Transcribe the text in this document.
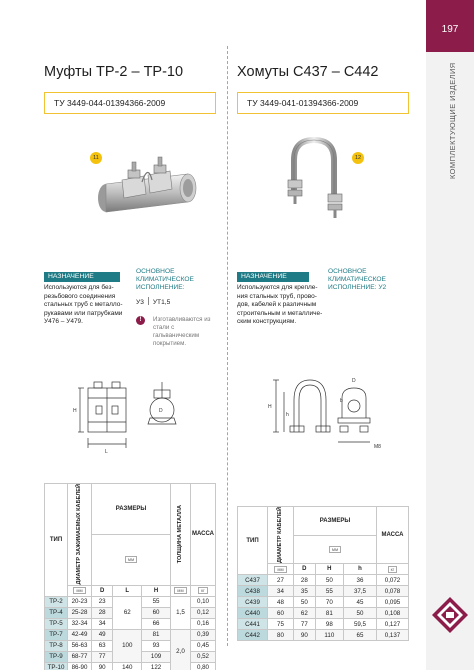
197
КОМПЛЕКТУЮЩИЕ ИЗДЕЛИЯ
Муфты ТР-2 – ТР-10
ТУ 3449-044-01394366-2009
11
НАЗНАЧЕНИЕ
Используются для без-резьбового соединения стальных труб с металло-рукавами или патрубками У476 – У479.
ОСНОВНОЕ КЛИМАТИЧЕСКОЕ ИСПОЛНЕНИЕ:
У3 УТ1,5
!	Изготавливаются из стали с гальваническим покрытием.
H
L
D
ТИП	ДИАМЕТР ЗАЖИМАЕМЫХ КАБЕЛЕЙ	РАЗМЕРЫ			ТОЛЩИНА МЕТАЛЛА	МАССА
		мм				
	мм	D	L	H	мм	кг
ТР-2	20-23	23	62	55	1,5	0,10
ТР-4	25-28	28		60		0,12
ТР-5	32-34	34		66		0,16
ТР-7	42-49	49	100	81	2,0	0,39
ТР-8	56-63	63		93		0,45
ТР-9	68-77	77		109		0,52
ТР-10	86-90	90	140	122		0,80
Хомуты С437 – С442
ТУ 3449-041-01394366-2009
12
НАЗНАЧЕНИЕ
Используются для крепле-ния стальных труб, прово-дов, кабелей к различным строительным и металличе-ским конструкциям.
ОСНОВНОЕ КЛИМАТИЧЕСКОЕ ИСПОЛНЕНИЕ: У2
H
h
D
b
M8
ТИП	ДИАМЕТР КАБЕЛЕЙ	РАЗМЕРЫ			МАССА
		мм			
	мм	D	H	h	кг
С437	27	28	50	36	0,072
С438	34	35	55	37,5	0,078
С439	48	50	70	45	0,095
С440	60	62	81	50	0,108
С441	75	77	98	59,5	0,127
С442	80	90	110	65	0,137
